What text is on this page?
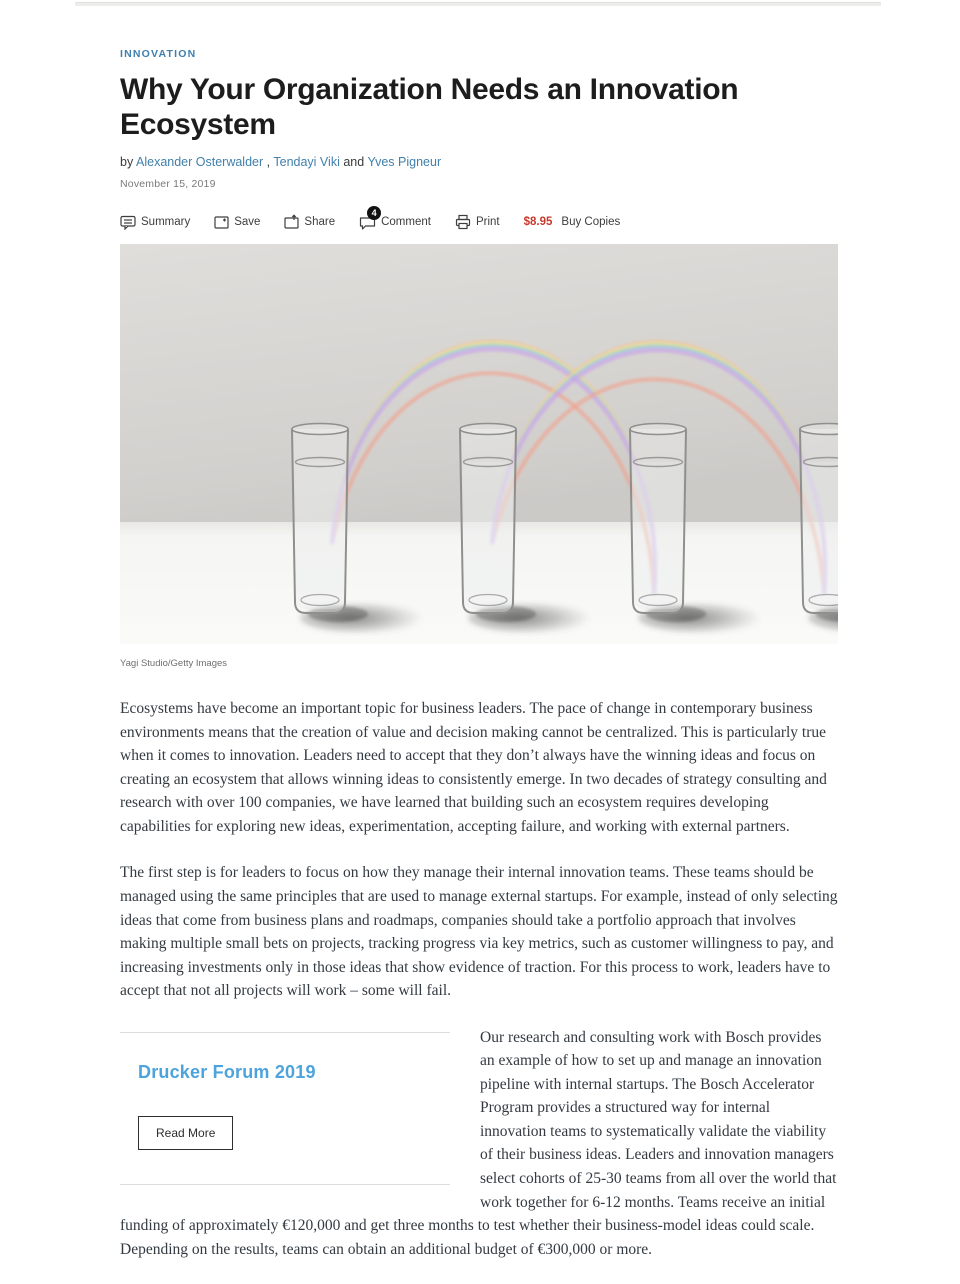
INNOVATION
Why Your Organization Needs an Innovation Ecosystem
by Alexander Osterwalder , Tendayi Viki and Yves Pigneur
November 15, 2019
Summary	Save	Share
4
Comment	Print $8.95 Buy Copies
Yagi Studio/Getty Images

Ecosystems have become an important topic for business leaders. The pace of change in contemporary business environments means that the creation of value and decision making cannot be centralized. This is particularly true when it comes to innovation. Leaders need to accept that they don’t always have the winning ideas and focus on creating an ecosystem that allows winning ideas to consistently emerge. In two decades of strategy consulting and research with over 100 companies, we have learned that building such an ecosystem requires developing capabilities for exploring new ideas, experimentation, accepting failure, and working with external partners.

The first step is for leaders to focus on how they manage their internal innovation teams. These teams should be managed using the same principles that are used to manage external startups. For example, instead of only selecting ideas that come from business plans and roadmaps, companies should take a portfolio approach that involves making multiple small bets on projects, tracking progress via key metrics, such as customer willingness to pay, and increasing investments only in those ideas that show evidence of traction. For this process to work, leaders have to accept that not all projects will work – some will fail.

Drucker Forum 2019
Read More

Our research and consulting work with Bosch provides an example of how to set up and manage an innovation pipeline with internal startups. The Bosch Accelerator Program provides a structured way for internal innovation teams to systematically validate the viability of their business ideas. Leaders and innovation managers select cohorts of 25-30 teams from all over the world that work together for 6-12 months. Teams receive an initial funding of approximately €120,000 and get three months to test whether their business-model ideas could scale. Depending on the results, teams can obtain an additional budget of €300,000 or more.
